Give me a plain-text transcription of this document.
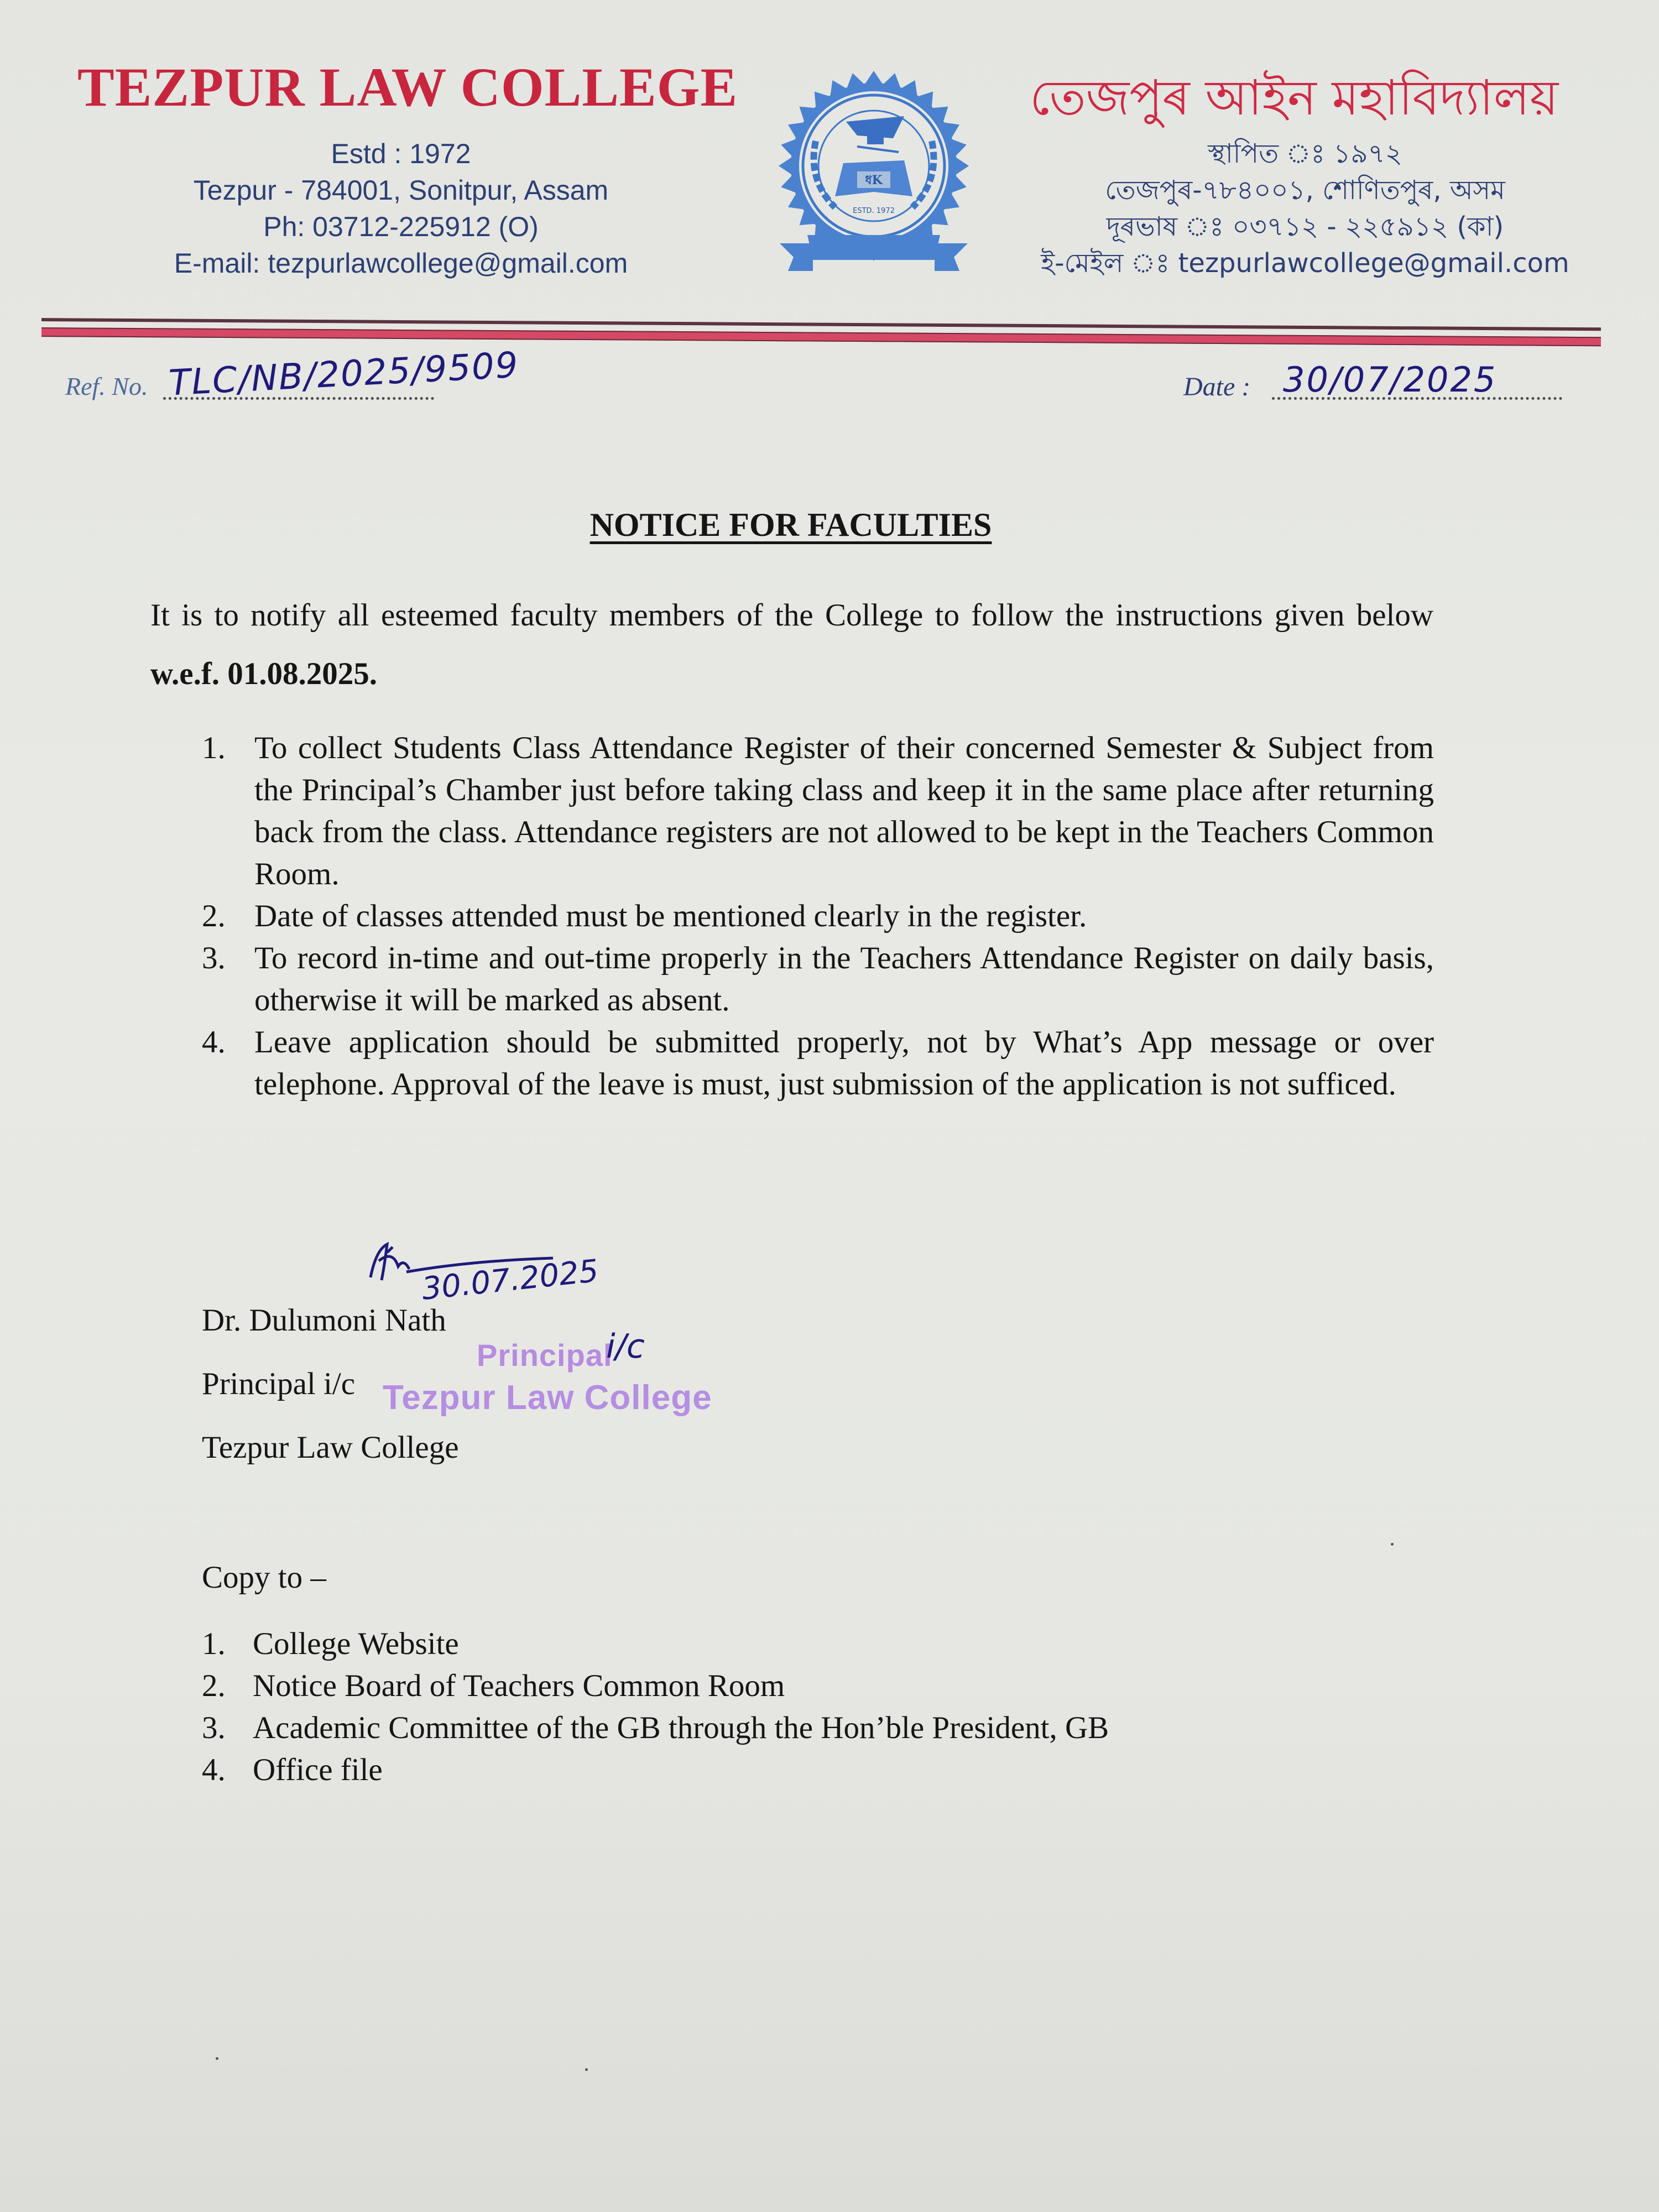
TEZPUR LAW COLLEGE
Estd : 1972
Tezpur - 784001, Sonitpur, Assam
Ph: 03712-225912 (O)
E-mail: tezpurlawcollege@gmail.com
ধK
ESTD. 1972
তেজপুৰ আইন মহাবিদ্যালয়
স্থাপিত ঃ ১৯৭২
তেজপুৰ-৭৮৪০০১, শোণিতপুৰ, অসম
দূৰভাষ ঃ ০৩৭১২ - ২২৫৯১২ (কা)
ই-মেইল ঃ tezpurlawcollege@gmail.com
Ref. No. TLC/NB/2025/9509	Date : 30/07/2025
NOTICE FOR FACULTIES
It is to notify all esteemed faculty members of the College to follow the instructions given below w.e.f. 01.08.2025.
1. To collect Students Class Attendance Register of their concerned Semester & Subject from the Principal’s Chamber just before taking class and keep it in the same place after returning back from the class. Attendance registers are not allowed to be kept in the Teachers Common Room.
2. Date of classes attended must be mentioned clearly in the register.
3. To record in-time and out-time properly in the Teachers Attendance Register on daily basis, otherwise it will be marked as absent.
4. Leave application should be submitted properly, not by What’s App message or over telephone. Approval of the leave is must, just submission of the application is not sufficed.
30.07.2025
Dr. Dulumoni Nath
Principal
i/c
Principal i/c Tezpur Law College
Tezpur Law College
Copy to –
1. College Website
2. Notice Board of Teachers Common Room
3. Academic Committee of the GB through the Hon’ble President, GB
4. Office file
